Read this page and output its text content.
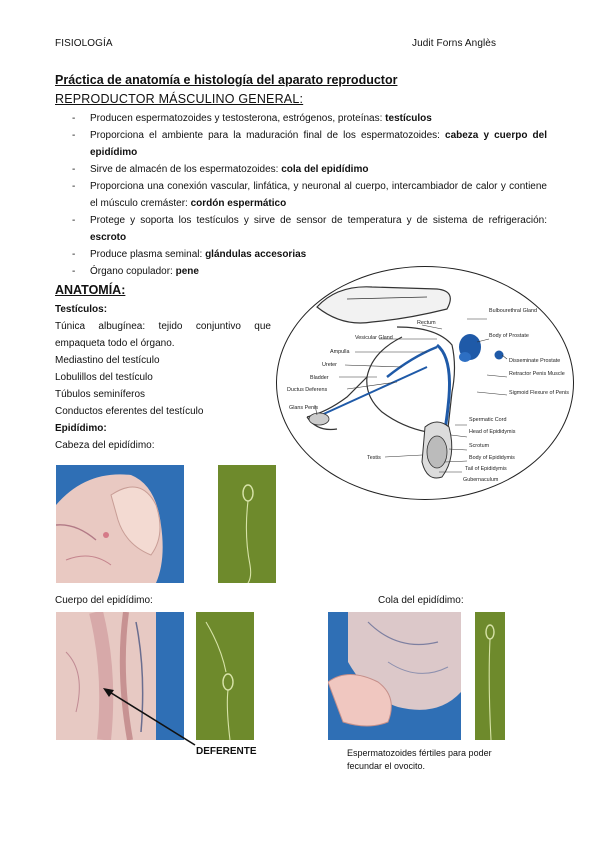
FISIOLOGÍA	Judit Forns Anglès
Práctica de anatomía e histología del aparato reproductor
REPRODUCTOR MÁSCULINO GENERAL:
- Producen espermatozoides y testosterona, estrógenos, proteínas: testículos
- Proporciona el ambiente para la maduración final de los espermatozoides: cabeza y cuerpo del epidídimo
- Sirve de almacén de los espermatozoides: cola del epidídimo
- Proporciona una conexión vascular, linfática, y neuronal al cuerpo, intercambiador de calor y contiene el músculo cremáster: cordón espermático
- Protege y soporta los testículos y sirve de sensor de temperatura y de sistema de refrigeración: escroto
- Produce plasma seminal: glándulas accesorias
- Órgano copulador: pene
ANATOMÍA:
Testículos:
Túnica albugínea: tejido conjuntivo que empaqueta todo el órgano.
Mediastino del testículo
Lobulillos del testículo
Túbulos seminíferos
Conductos eferentes del testículo
Epidídimo:
Cabeza del epidídimo:
Rectum
Bulbourethral Gland
Vesicular Gland	Body of Prostate
Ampulla
Disseminate Prostate
Ureter
Retractor Penis Muscle
Bladder
Sigmoid Flexure of Penis
Ductus Deferens
Spermatic Cord
Glans Penis
Head of Epididymis
Scrotum
Testis	Body of Epididymis
Tail of Epididymis
Gubernaculum
Cuerpo del epidídimo:	Cola del epidídimo:
DEFERENTE	Espermatozoides fértiles para poder fecundar el ovocito.
